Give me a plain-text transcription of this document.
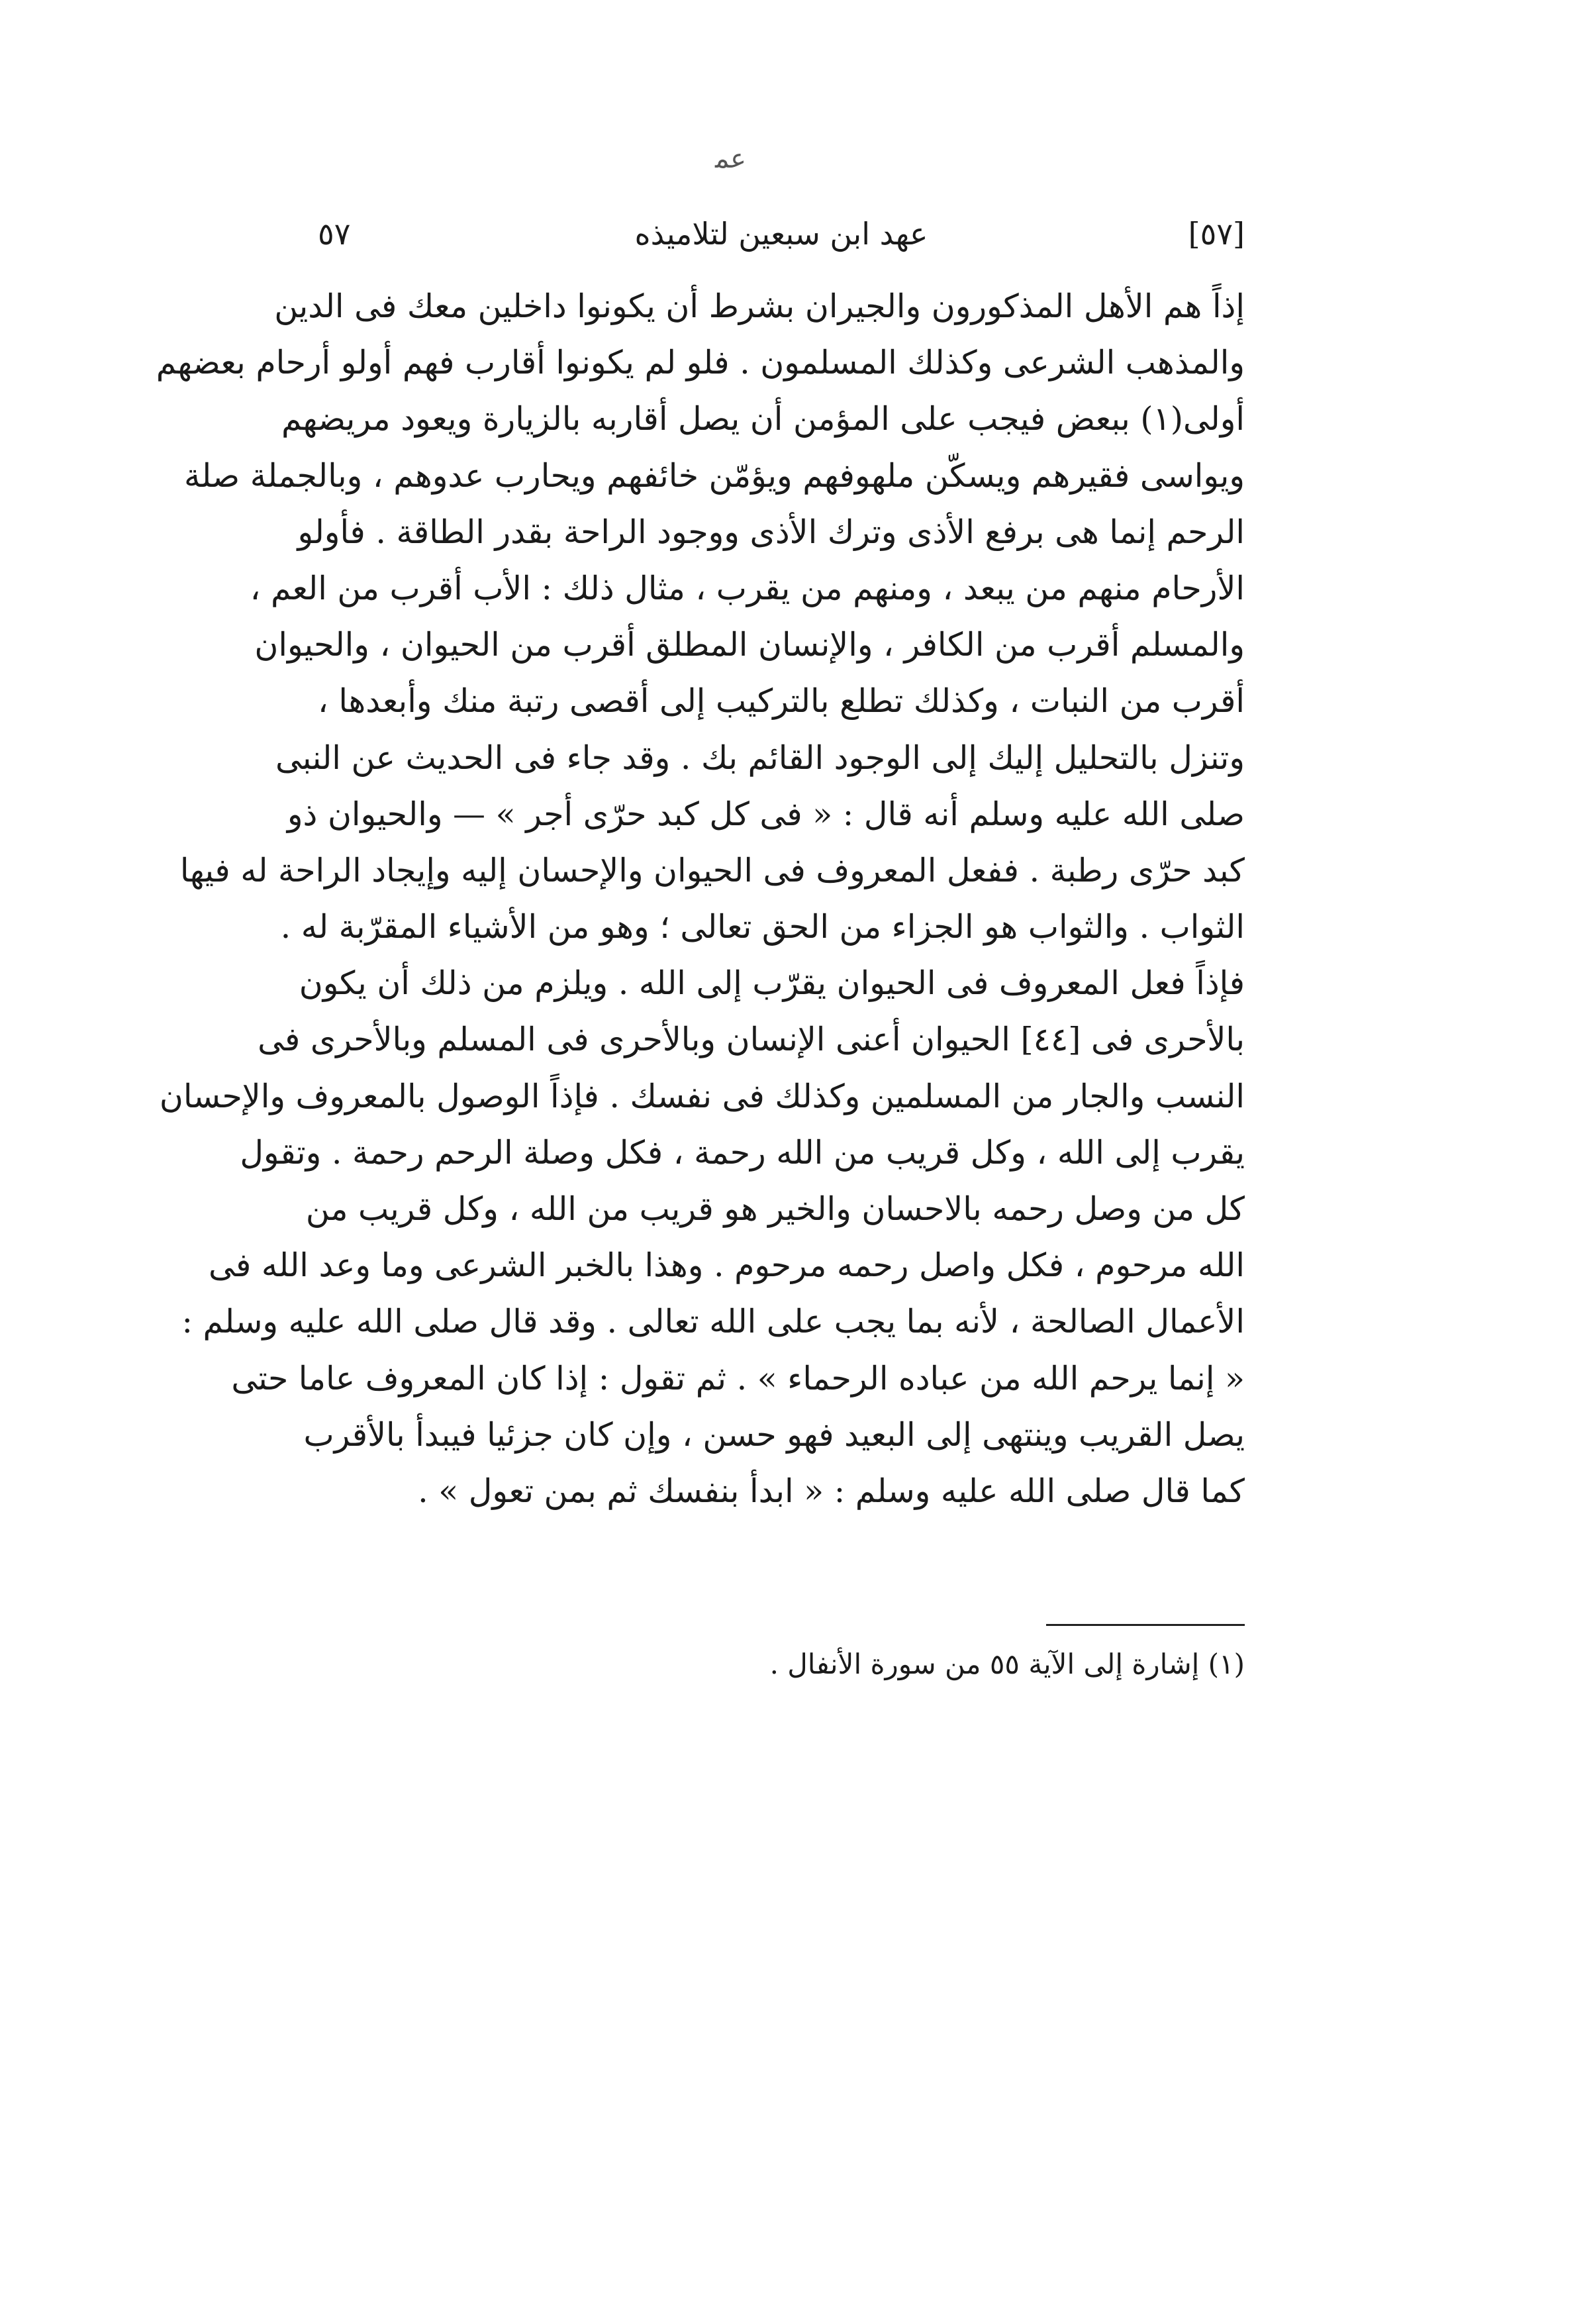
ﻋﻤ
[٥٧]
عهد ابن سبعين لتلاميذه
٥٧
إذاً هم الأهل المذكورون والجيران بشرط أن يكونوا داخلين معك فى الدين
والمذهب الشرعى وكذلك المسلمون . فلو لم يكونوا أقارب فهم أولو أرحام بعضهم
أولى(١) ببعض فيجب على المؤمن أن يصل أقاربه بالزيارة ويعود مريضهم
ويواسى فقيرهم ويسكّن ملهوفهم ويؤمّن خائفهم ويحارب عدوهم ، وبالجملة صلة
الرحم إنما هى برفع الأذى وترك الأذى ووجود الراحة بقدر الطاقة . فأولو
الأرحام منهم من يبعد ، ومنهم من يقرب ، مثال ذلك : الأب أقرب من العم ،
والمسلم أقرب من الكافر ، والإنسان المطلق أقرب من الحيوان ، والحيوان
أقرب من النبات ، وكذلك تطلع بالتركيب إلى أقصى رتبة منك وأبعدها ،
وتنزل بالتحليل إليك إلى الوجود القائم بك . وقد جاء فى الحديث عن النبى
صلى الله عليه وسلم أنه قال : « فى كل كبد حرّى أجر » — والحيوان ذو
كبد حرّى رطبة . ففعل المعروف فى الحيوان والإحسان إليه وإيجاد الراحة له فيها
الثواب . والثواب هو الجزاء من الحق تعالى ؛ وهو من الأشياء المقرّبة له .
فإذاً فعل المعروف فى الحيوان يقرّب إلى الله . ويلزم من ذلك أن يكون
بالأحرى فى [٤٤] الحيوان أعنى الإنسان وبالأحرى فى المسلم وبالأحرى فى
النسب والجار من المسلمين وكذلك فى نفسك . فإذاً الوصول بالمعروف والإحسان
يقرب إلى الله ، وكل قريب من الله رحمة ، فكل وصلة الرحم رحمة . وتقول
كل من وصل رحمه بالاحسان والخير هو قريب من الله ، وكل قريب من
الله مرحوم ، فكل واصل رحمه مرحوم . وهذا بالخبر الشرعى وما وعد الله فى
الأعمال الصالحة ، لأنه بما يجب على الله تعالى . وقد قال صلى الله عليه وسلم :
« إنما يرحم الله من عباده الرحماء » . ثم تقول : إذا كان المعروف عاما حتى
يصل القريب وينتهى إلى البعيد فهو حسن ، وإن كان جزئيا فيبدأ بالأقرب
كما قال صلى الله عليه وسلم : « ابدأ بنفسك ثم بمن تعول » .
(١) إشارة إلى الآية ٥٥ من سورة الأنفال .
